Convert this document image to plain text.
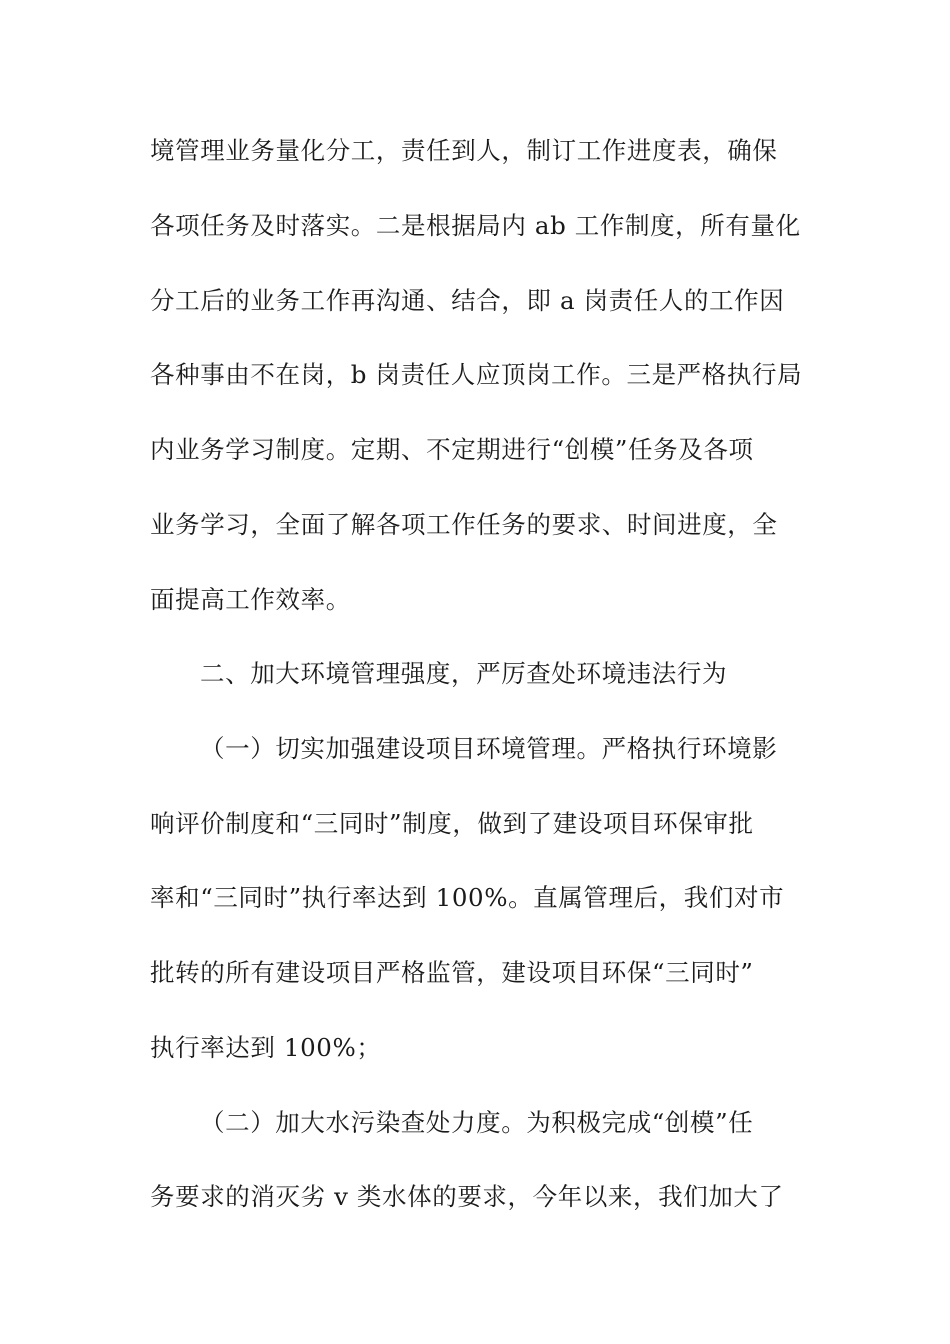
境管理业务量化分工，责任到人，制订工作进度表，确保
各项任务及时落实。二是根据局内 ab 工作制度，所有量化
分工后的业务工作再沟通、结合，即 a 岗责任人的工作因
各种事由不在岗，b 岗责任人应顶岗工作。三是严格执行局
内业务学习制度。定期、不定期进行“创模”任务及各项
业务学习，全面了解各项工作任务的要求、时间进度，全
面提高工作效率。
二、加大环境管理强度，严厉查处环境违法行为
（一）切实加强建设项目环境管理。严格执行环境影
响评价制度和“三同时”制度，做到了建设项目环保审批
率和“三同时”执行率达到 100%。直属管理后，我们对市
批转的所有建设项目严格监管，建设项目环保“三同时”
执行率达到 100%；
（二）加大水污染查处力度。为积极完成“创模”任
务要求的消灭劣 v 类水体的要求，今年以来，我们加大了
